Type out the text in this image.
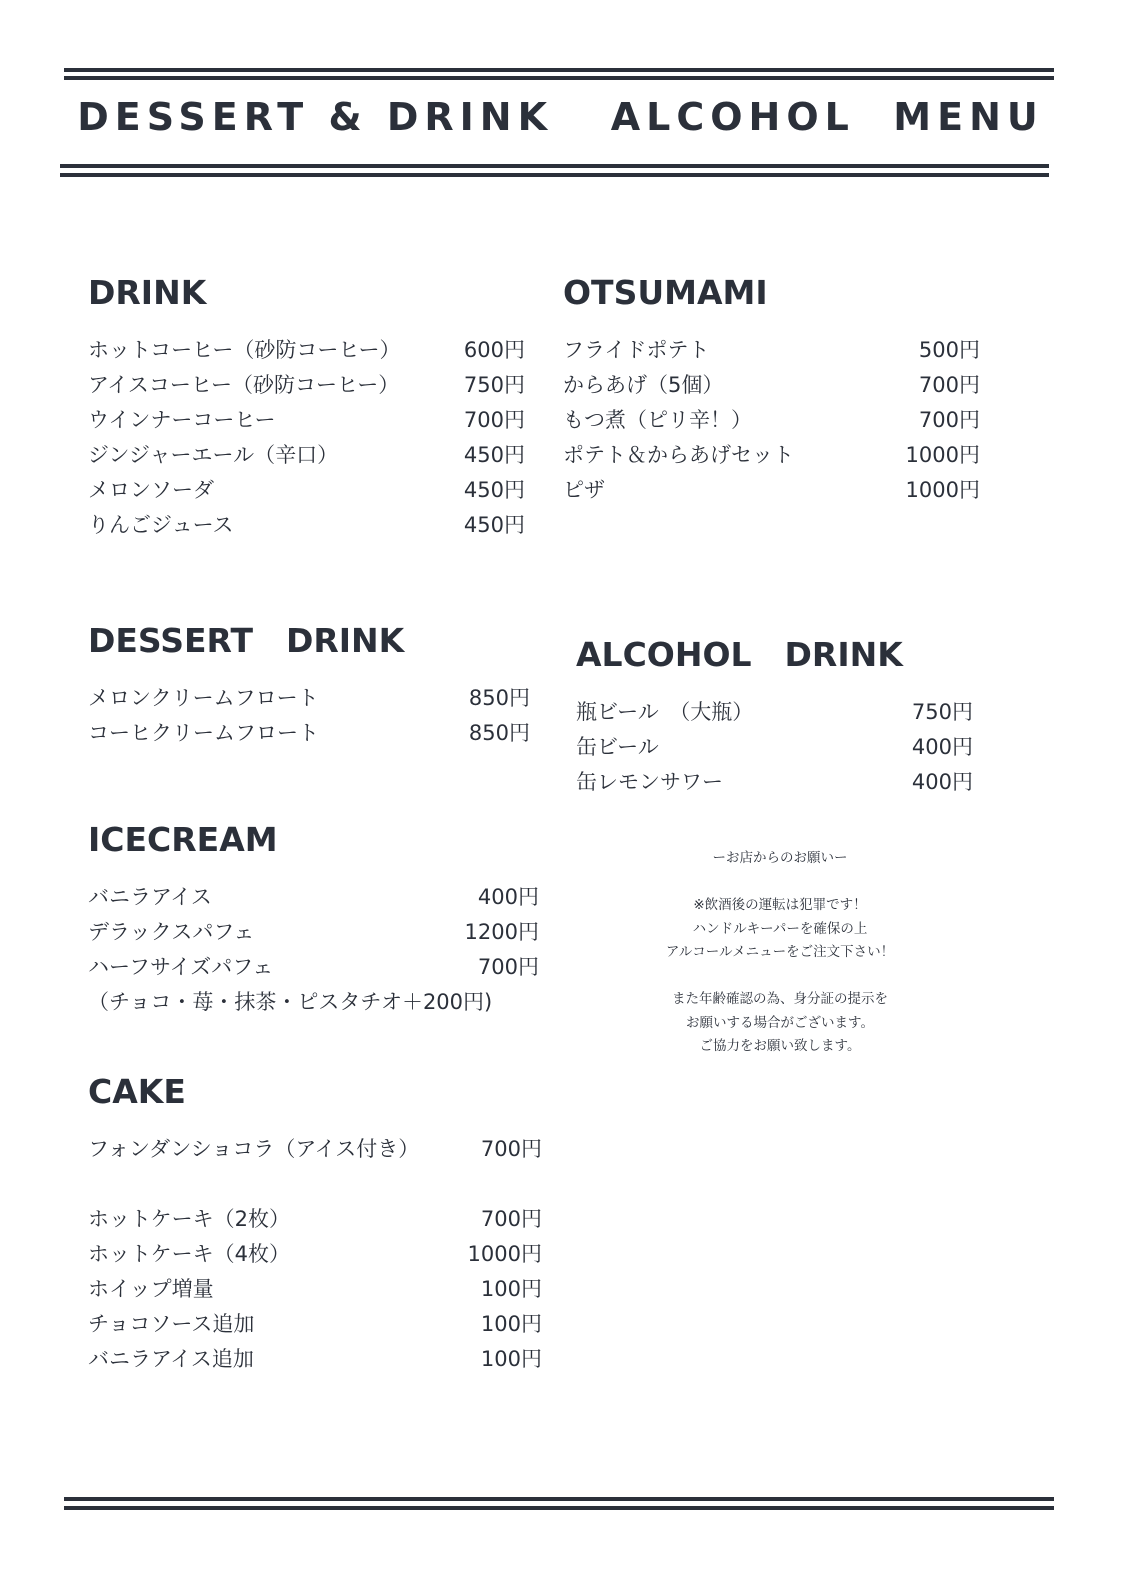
DESSERT & DRINK   ALCOHOL  MENU
DRINK
ホットコーヒー（砂防コーヒー）	600円
アイスコーヒー（砂防コーヒー）	750円
ウインナーコーヒー	700円
ジンジャーエール（辛口）	450円
メロンソーダ	450円
りんごジュース	450円
OTSUMAMI
フライドポテト	500円
からあげ（5個）	700円
もつ煮（ピリ辛！）	700円
ポテト＆からあげセット	1000円
ピザ	1000円
DESSERT　DRINK
メロンクリームフロート	850円
コーヒクリームフロート	850円
ALCOHOL　DRINK
瓶ビール　（大瓶）	750円
缶ビール	400円
缶レモンサワー	400円
ICECREAM
バニラアイス	400円
デラックスパフェ	1200円
ハーフサイズパフェ	700円
（チョコ・苺・抹茶・ピスタチオ＋200円)
CAKE
フォンダンショコラ（アイス付き）	700円
ホットケーキ（2枚）	700円
ホットケーキ（4枚）	1000円
ホイップ増量	100円
チョコソース追加	100円
バニラアイス追加	100円

ーお店からのお願いー

※飲酒後の運転は犯罪です！

ハンドルキーパーを確保の上

アルコールメニューをご注文下さい！

また年齢確認の為、身分証の提示を

お願いする場合がございます。

ご協力をお願い致します。
